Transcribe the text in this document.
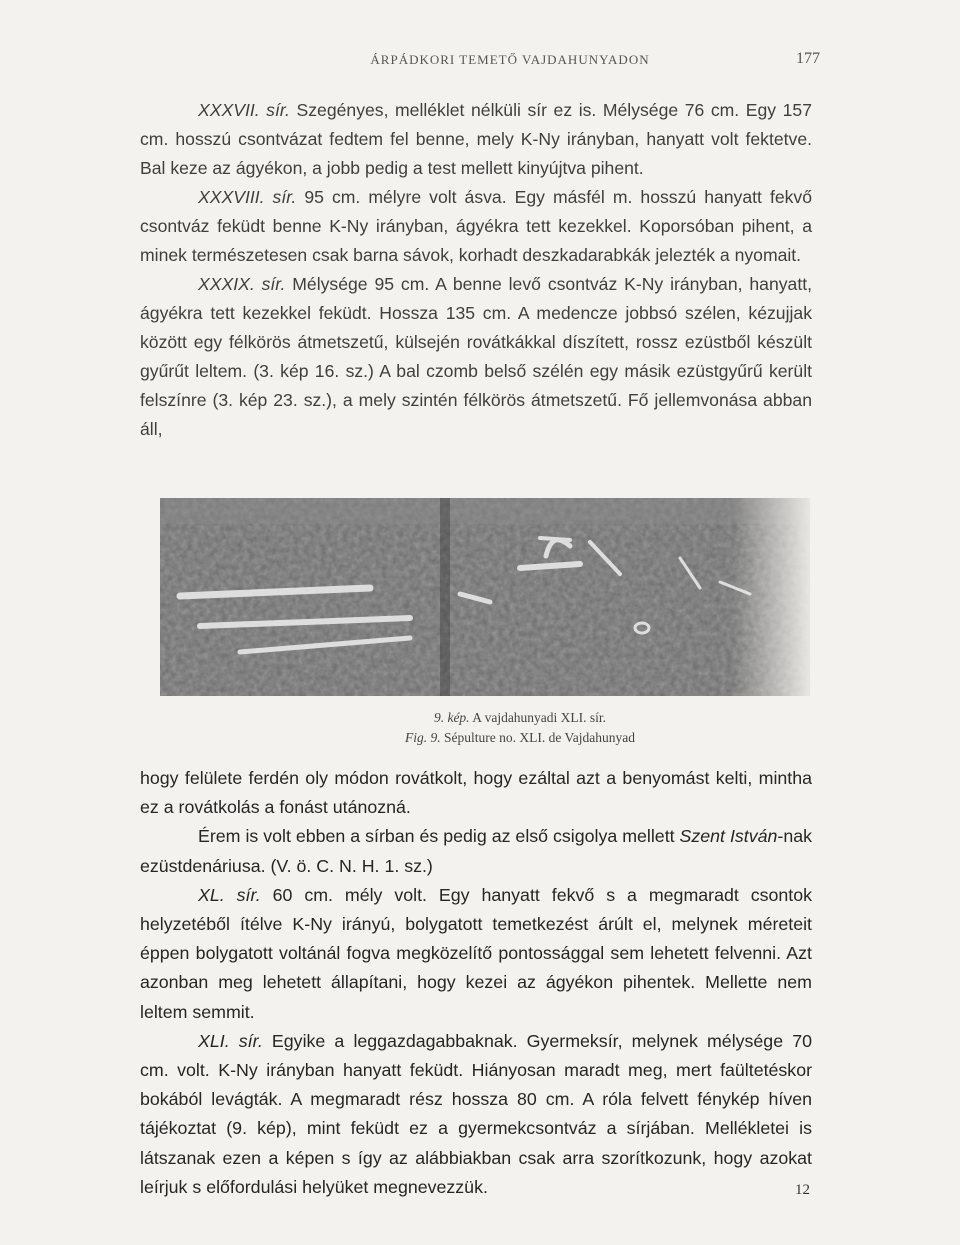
ÁRPÁDKORI TEMETŐ VAJDAHUNYADON	177

XXXVII. sír. Szegényes, melléklet nélküli sír ez is. Mélysége 76 cm. Egy 157 cm. hosszú csontvázat fedtem fel benne, mely K-Ny irányban, hanyatt volt fektetve. Bal keze az ágyékon, a jobb pedig a test mellett kinyújtva pihent.

XXXVIII. sír. 95 cm. mélyre volt ásva. Egy másfél m. hosszú hanyatt fekvő csontváz feküdt benne K-Ny irányban, ágyékra tett kezekkel. Koporsóban pihent, a minek természetesen csak barna sávok, korhadt deszkadarabkák jelezték a nyomait.

XXXIX. sír. Mélysége 95 cm. A benne levő csontváz K-Ny irányban, hanyatt, ágyékra tett kezekkel feküdt. Hossza 135 cm. A medencze jobbsó szélen, kézujjak között egy félkörös átmetszetű, külsején rovátkákkal díszített, rossz ezüstből készült gyűrűt leltem. (3. kép 16. sz.) A bal czomb belső szélén egy másik ezüstgyűrű került felszínre (3. kép 23. sz.), a mely szintén félkörös átmetszetű. Fő jellemvonása abban áll,

9. kép. A vajdahunyadi XLI. sír.
Fig. 9. Sépulture no. XLI. de Vajdahunyad

hogy felülete ferdén oly módon rovátkolt, hogy ezáltal azt a benyomást kelti, mintha ez a rovátkolás a fonást utánozná.

Érem is volt ebben a sírban és pedig az első csigolya mellett Szent István-nak ezüstdenáriusa. (V. ö. C. N. H. 1. sz.)

XL. sír. 60 cm. mély volt. Egy hanyatt fekvő s a megmaradt csontok helyzetéből ítélve K-Ny irányú, bolygatott temetkezést árúlt el, melynek méreteit éppen bolygatott voltánál fogva megközelítő pontossággal sem lehetett felvenni. Azt azonban meg lehetett állapítani, hogy kezei az ágyékon pihentek. Mellette nem leltem semmit.

XLI. sír. Egyike a leggazdagabbaknak. Gyermeksír, melynek mélysége 70 cm. volt. K-Ny irányban hanyatt feküdt. Hiányosan maradt meg, mert faültetéskor bokából levágták. A megmaradt rész hossza 80 cm. A róla felvett fénykép híven tájékoztat (9. kép), mint feküdt ez a gyermekcsontváz a sírjában. Mellékletei is látszanak ezen a képen s így az alábbiakban csak arra szorítkozunk, hogy azokat leírjuk s előfordulási helyüket megnevezzük.	12
